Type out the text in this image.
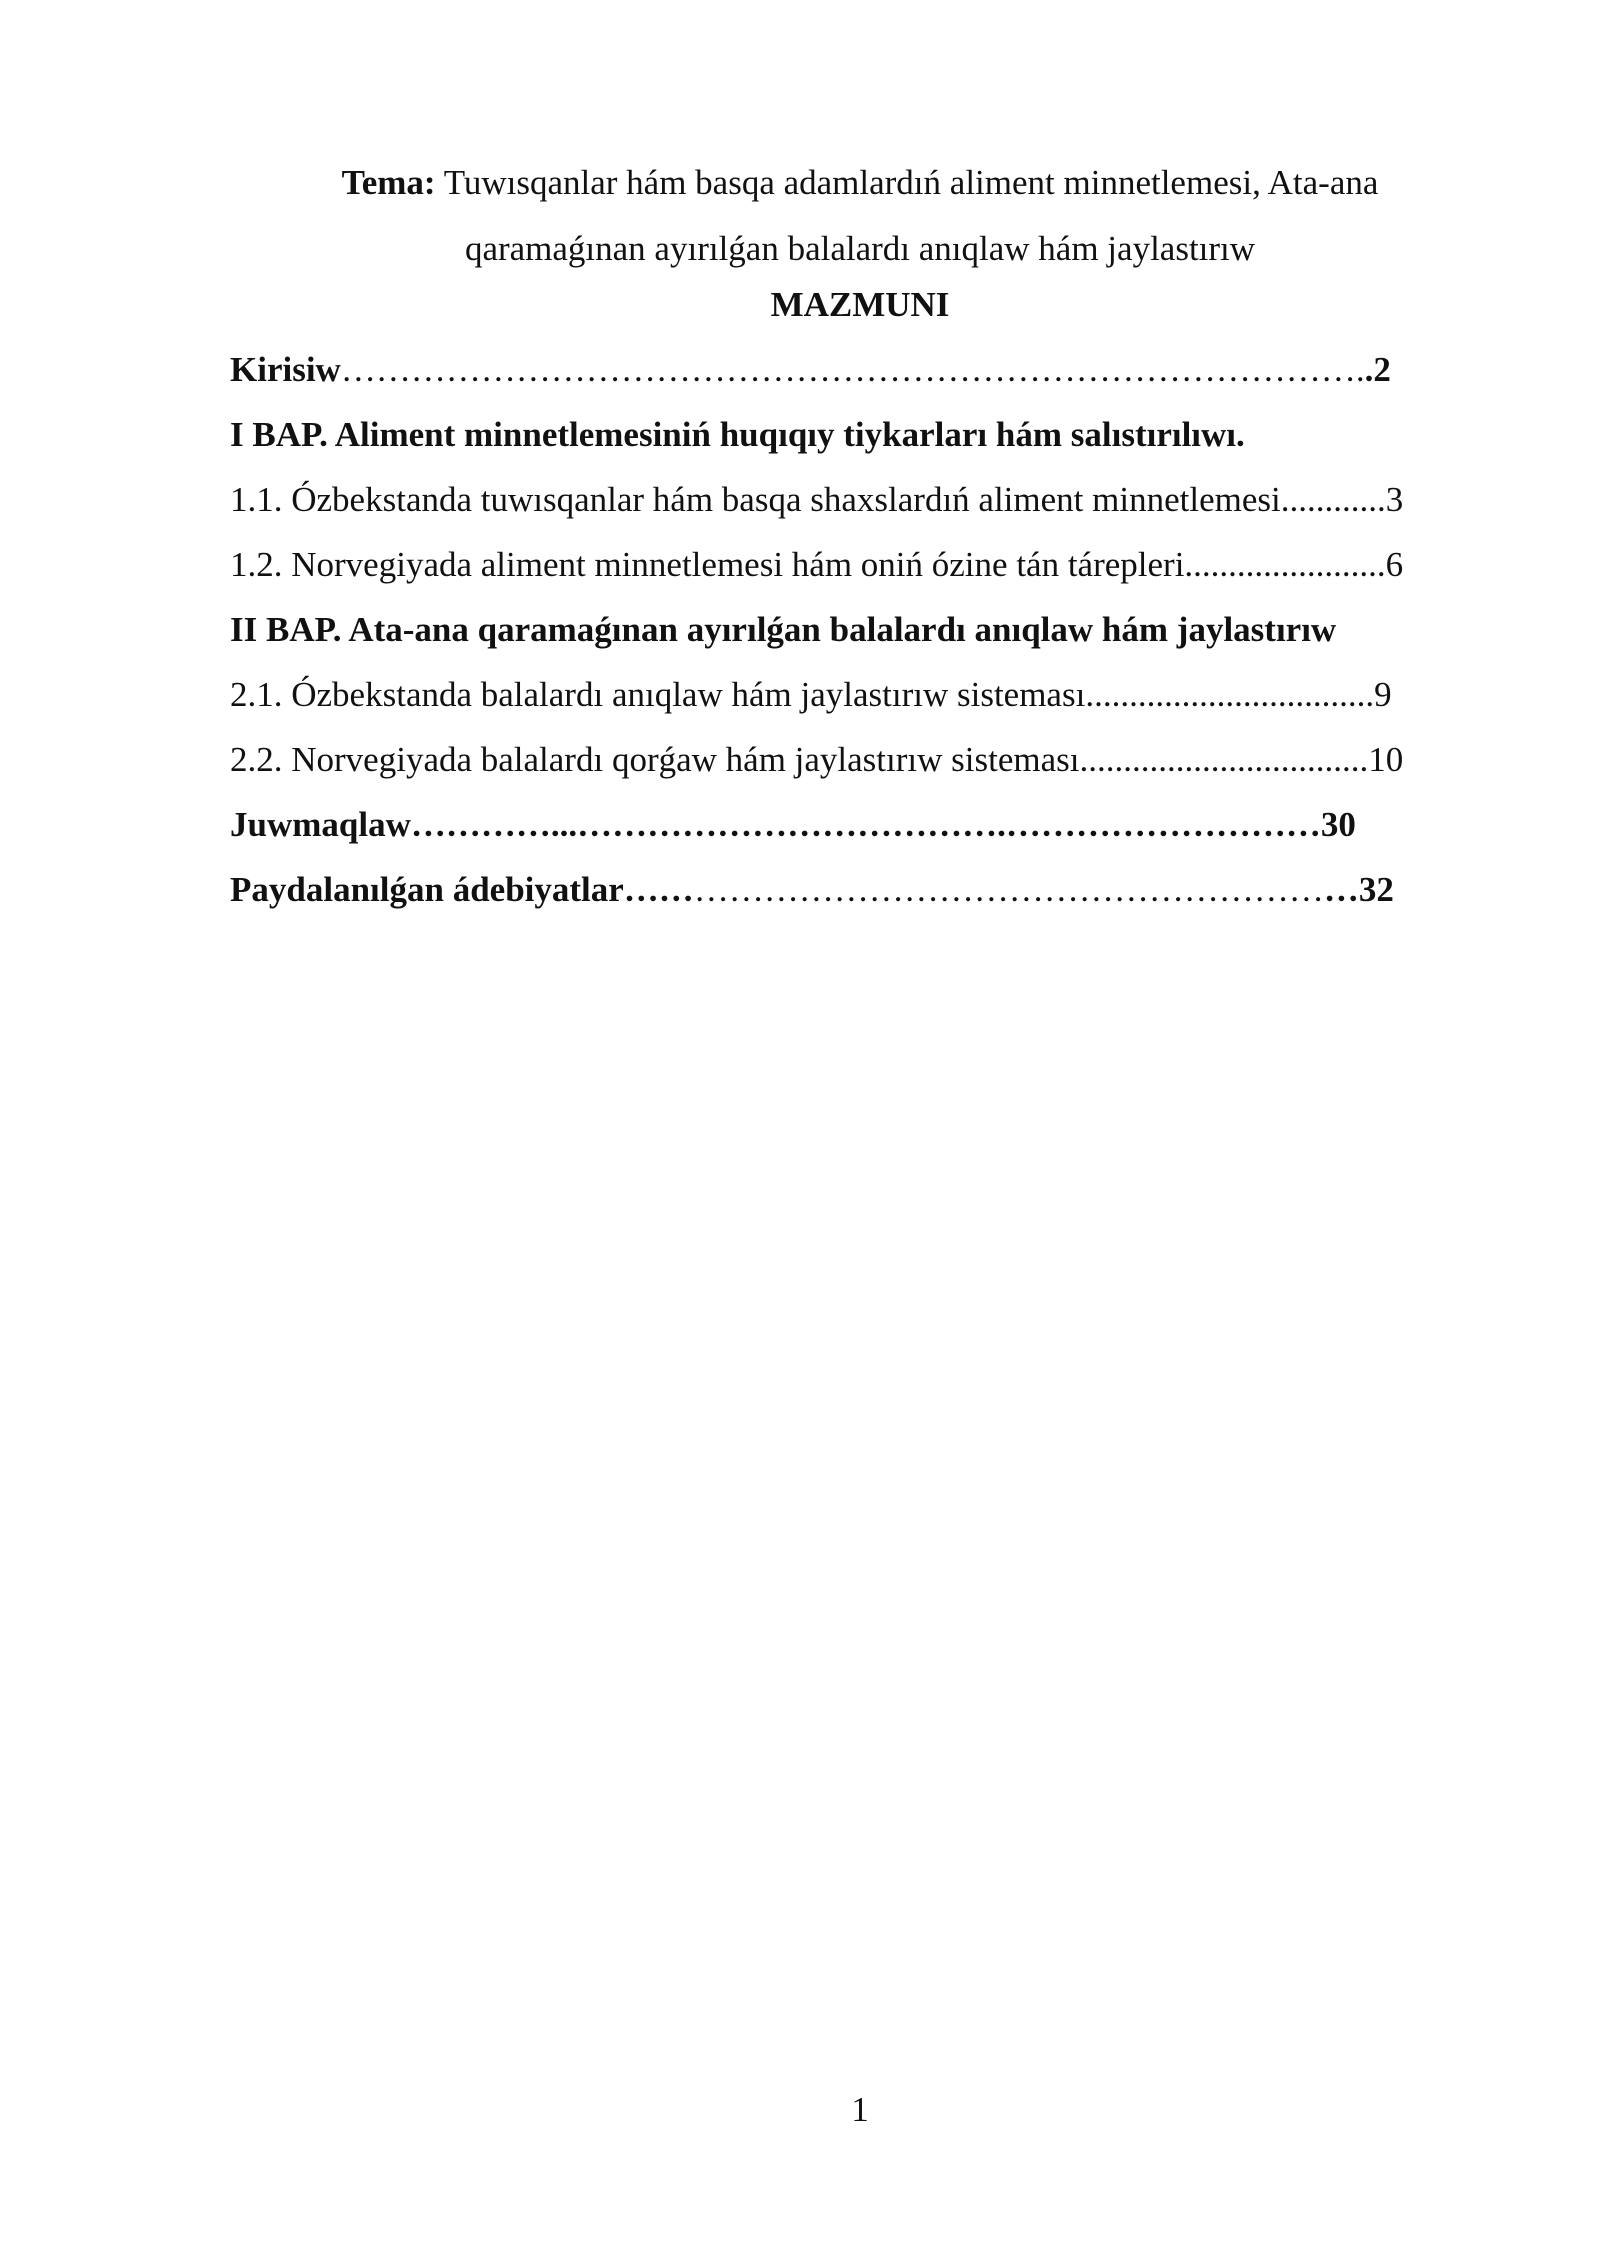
Tema: Tuwısqanlar hám basqa adamlardıń aliment minnetlemesi, Ata-ana qaramaǵınan ayırılǵan balalardı anıqlaw hám jaylastırıw
MAZMUNI
Kirisiw……………………………………………………………………………..2
I BAP. Aliment minnetlemesiniń huqıqıy tiykarları hám salıstırılıwı.
1.1. Ózbekstanda tuwısqanlar hám basqa shaxslardıń aliment minnetlemesi............3
1.2. Norvegiyada aliment minnetlemesi hám oniń ózine tán tárepleri.......................6
II BAP. Ata-ana qaramaǵınan ayırılǵan balalardı anıqlaw hám jaylastırıw
2.1. Ózbekstanda balalardı anıqlaw hám jaylastırıw sisteması.................................9
2.2. Norvegiyada balalardı qorǵaw hám jaylastırıw sisteması.................................10
Juwmaqlaw…………...……………………………….………………………30
Paydalanılǵan ádebiyatlar………………………………………………………32
1
